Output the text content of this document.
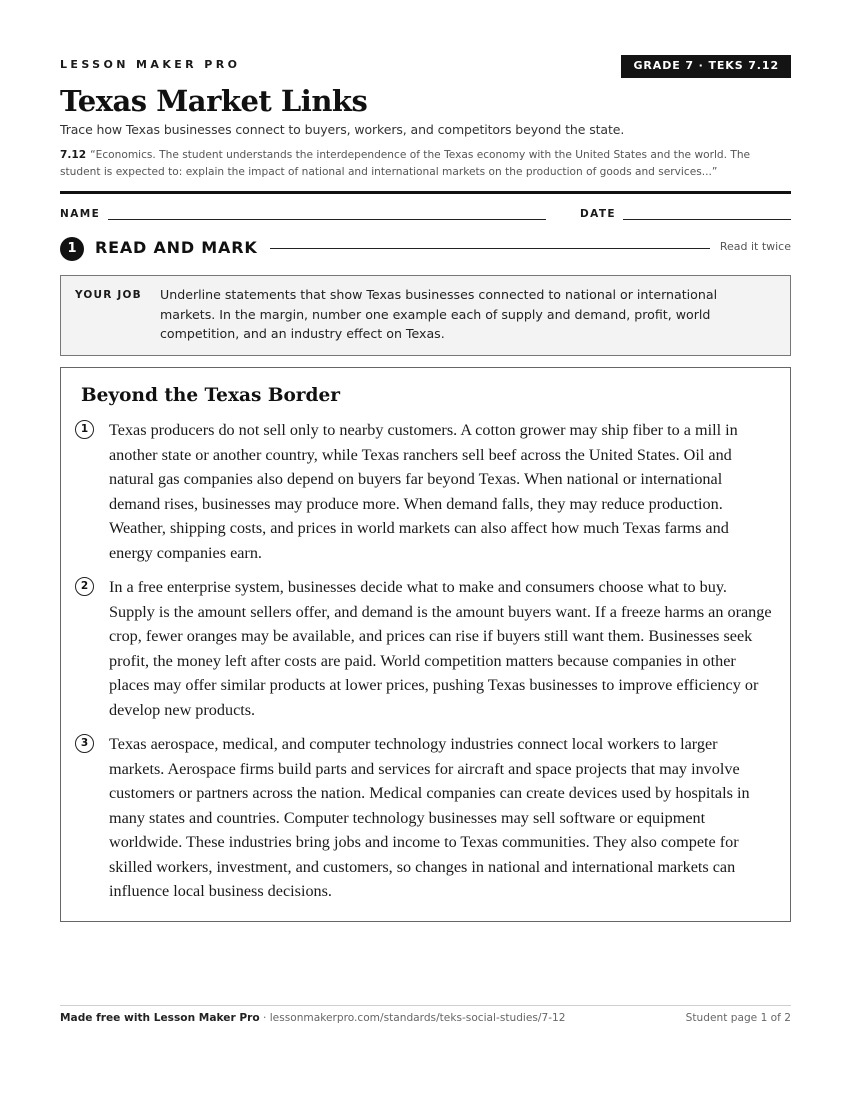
LESSON MAKER PRO	GRADE 7 · TEKS 7.12
Texas Market Links
Trace how Texas businesses connect to buyers, workers, and competitors beyond the state.
7.12 “Economics. The student understands the interdependence of the Texas economy with the United States and the world. The student is expected to: explain the impact of national and international markets on the production of goods and services...”
NAME	DATE
1	READ AND MARK	Read it twice
YOUR JOB Underline statements that show Texas businesses connected to national or international markets. In the margin, number one example each of supply and demand, profit, world competition, and an industry effect on Texas.
Beyond the Texas Border
1	Texas producers do not sell only to nearby customers. A cotton grower may ship fiber to a mill in another state or another country, while Texas ranchers sell beef across the United States. Oil and natural gas companies also depend on buyers far beyond Texas. When national or international demand rises, businesses may produce more. When demand falls, they may reduce production. Weather, shipping costs, and prices in world markets can also affect how much Texas farms and energy companies earn.
2	In a free enterprise system, businesses decide what to make and consumers choose what to buy. Supply is the amount sellers offer, and demand is the amount buyers want. If a freeze harms an orange crop, fewer oranges may be available, and prices can rise if buyers still want them. Businesses seek profit, the money left after costs are paid. World competition matters because companies in other places may offer similar products at lower prices, pushing Texas businesses to improve efficiency or develop new products.
3	Texas aerospace, medical, and computer technology industries connect local workers to larger markets. Aerospace firms build parts and services for aircraft and space projects that may involve customers or partners across the nation. Medical companies can create devices used by hospitals in many states and countries. Computer technology businesses may sell software or equipment worldwide. These industries bring jobs and income to Texas communities. They also compete for skilled workers, investment, and customers, so changes in national and international markets can influence local business decisions.
Made free with Lesson Maker Pro · lessonmakerpro.com/standards/teks-social-studies/7-12	Student page 1 of 2
